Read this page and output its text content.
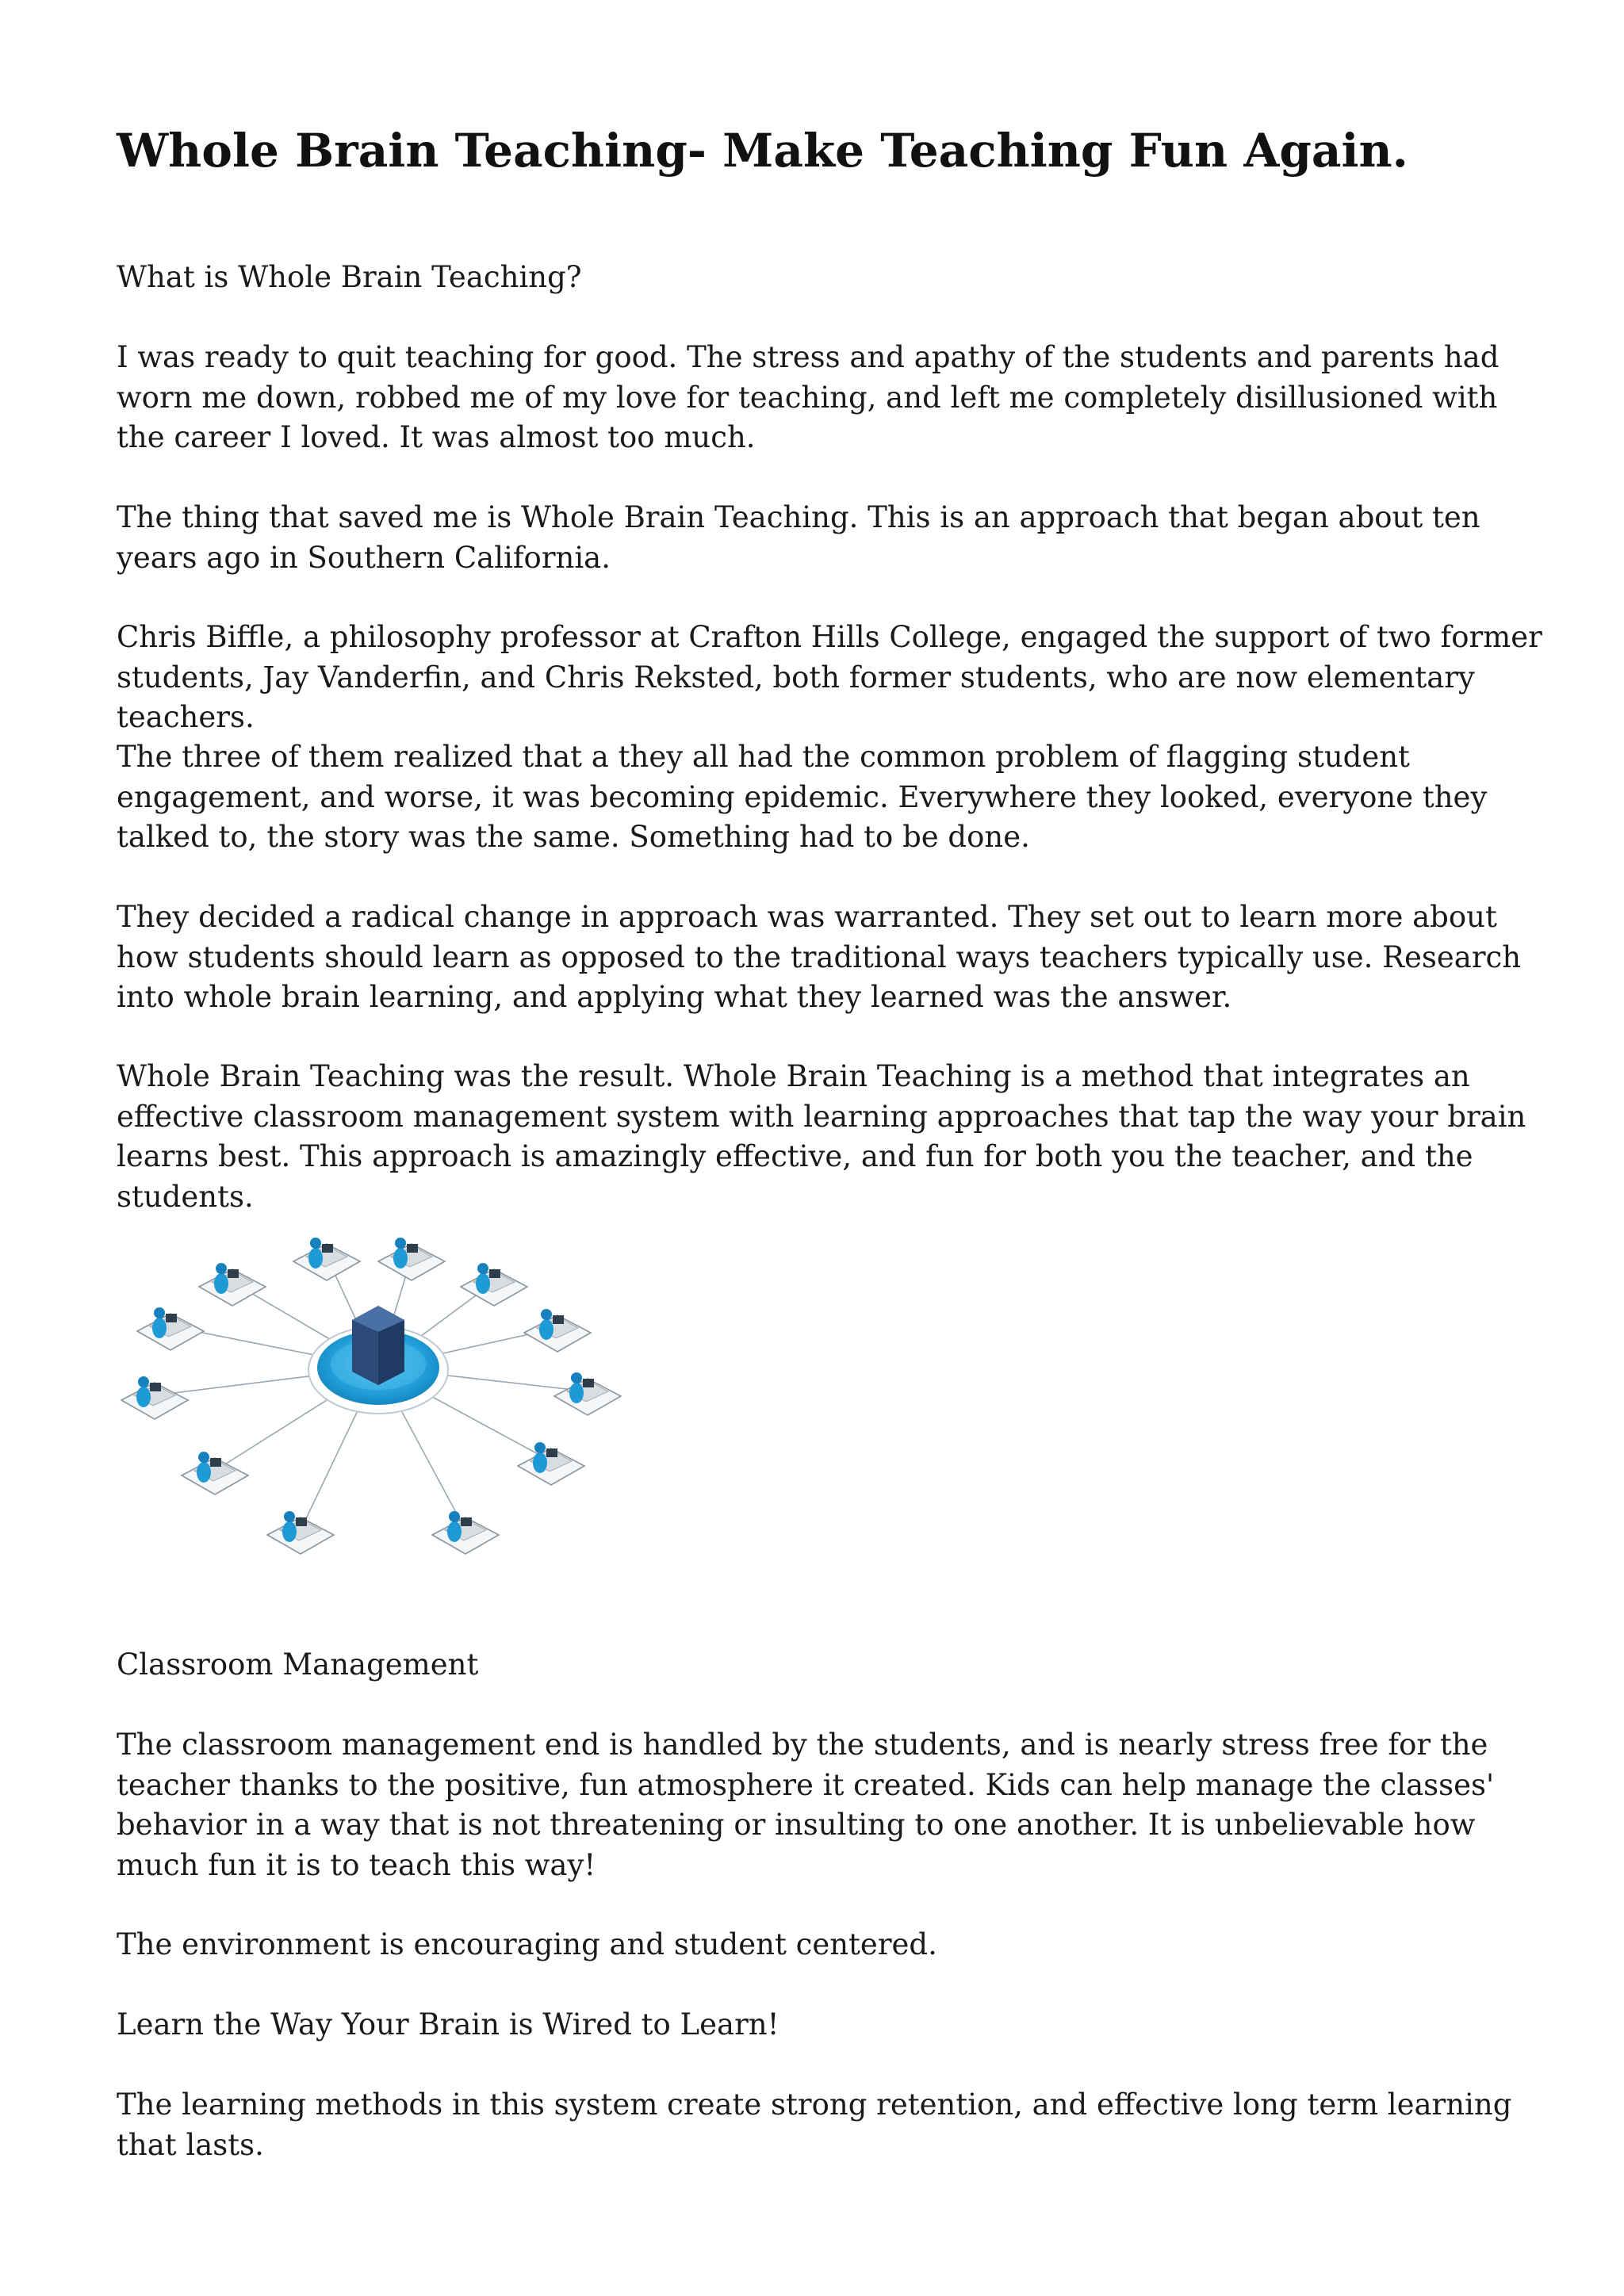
Whole Brain Teaching- Make Teaching Fun Again.

What is Whole Brain Teaching?

I was ready to quit teaching for good. The stress and apathy of the students and parents had worn me down, robbed me of my love for teaching, and left me completely disillusioned with the career I loved. It was almost too much.

The thing that saved me is Whole Brain Teaching. This is an approach that began about ten years ago in Southern California.

Chris Biffle, a philosophy professor at Crafton Hills College, engaged the support of two former students, Jay Vanderfin, and Chris Reksted, both former students, who are now elementary teachers.

The three of them realized that a they all had the common problem of flagging student engagement, and worse, it was becoming epidemic. Everywhere they looked, everyone they talked to, the story was the same. Something had to be done.

They decided a radical change in approach was warranted. They set out to learn more about how students should learn as opposed to the traditional ways teachers typically use. Research into whole brain learning, and applying what they learned was the answer.

Whole Brain Teaching was the result. Whole Brain Teaching is a method that integrates an effective classroom management system with learning approaches that tap the way your brain learns best. This approach is amazingly effective, and fun for both you the teacher, and the students.

Classroom Management

The classroom management end is handled by the students, and is nearly stress free for the teacher thanks to the positive, fun atmosphere it created. Kids can help manage the classes' behavior in a way that is not threatening or insulting to one another. It is unbelievable how much fun it is to teach this way!

The environment is encouraging and student centered.

Learn the Way Your Brain is Wired to Learn!

The learning methods in this system create strong retention, and effective long term learning that lasts.
